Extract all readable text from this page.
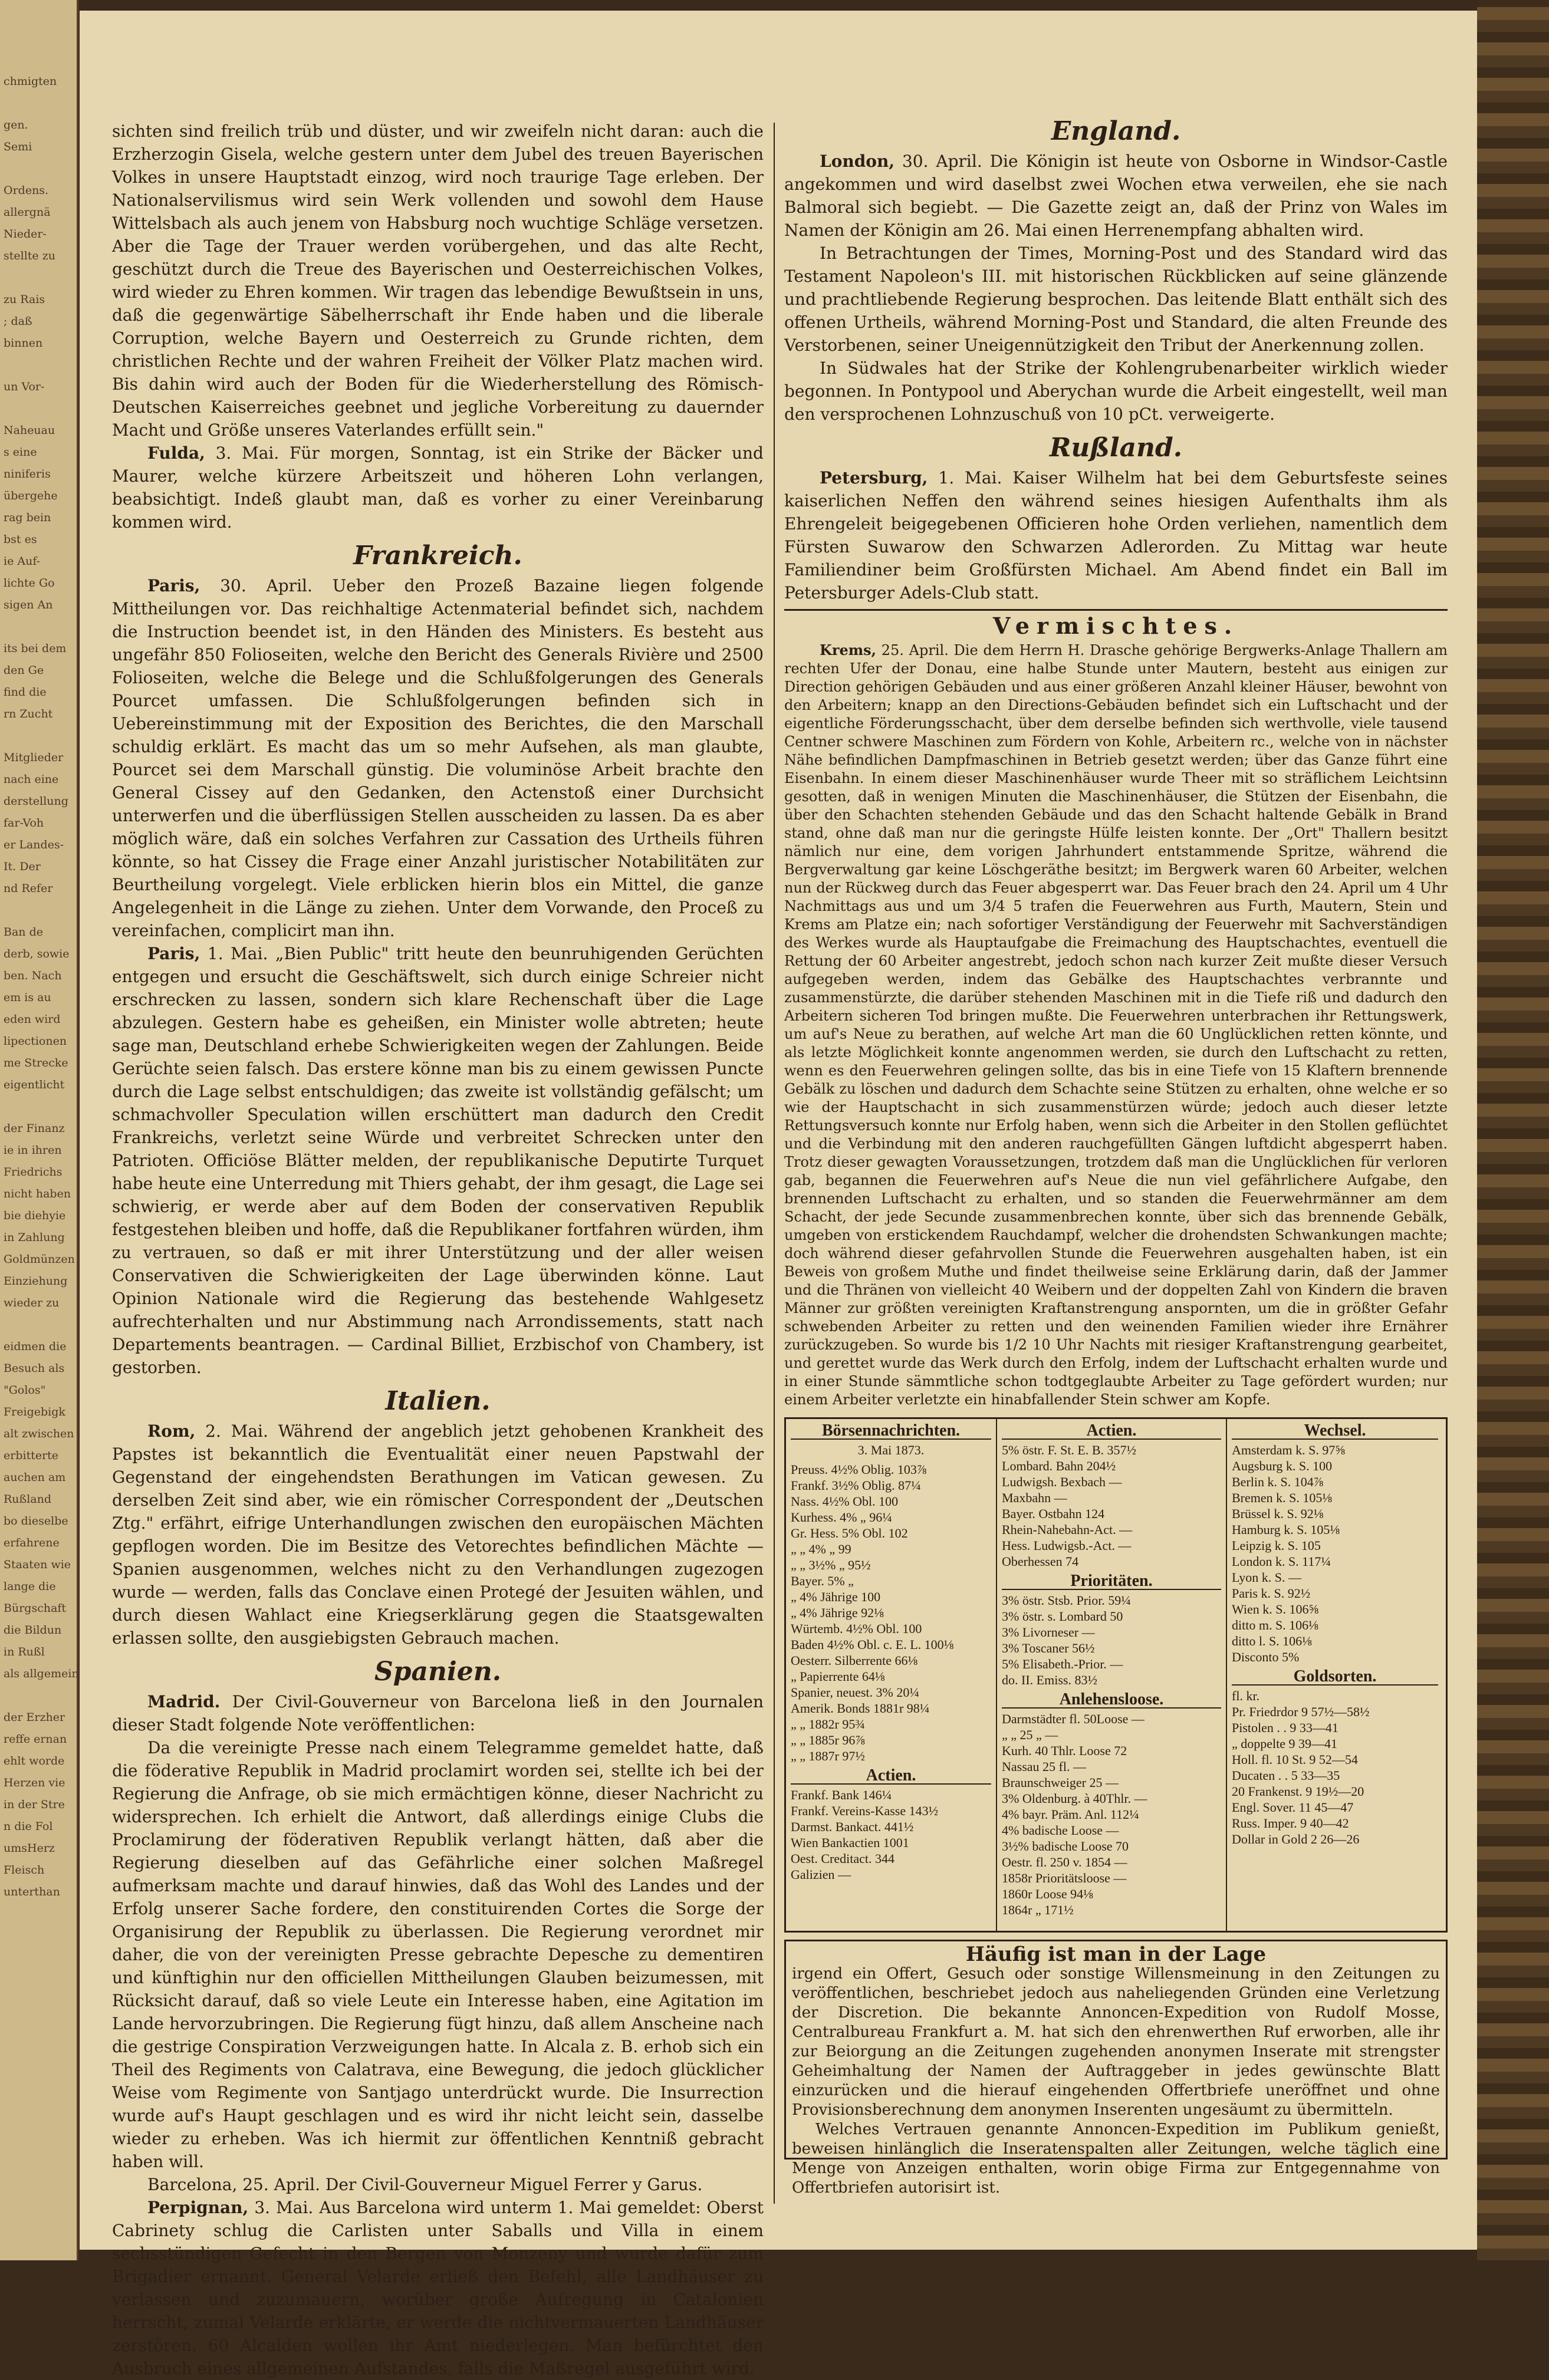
chmigten

gen.
Semi

Ordens.
allergnä
Nieder-
stellte zu

zu Rais
; daß
binnen

un Vor-

Naheuau
s eine
niniferis
übergehe
rag bein
bst es
ie Auf-
lichte Go
sigen An

its bei dem
den Ge
find die
rn Zucht

Mitglieder
nach eine
derstellung
far-Voh
er Landes-
It. Der
nd Refer

Ban de
derb, sowie
ben. Nach
em is au
eden wird
lipectionen
me Strecke
eigentlicht

der Finanz
ie in ihren
Friedrichs
nicht haben
bie diehyie
in Zahlung
Goldmünzen
Einziehung
wieder zu

eidmen die
Besuch als
"Golos"
Freigebigk
alt zwischen
erbitterte
auchen am
Rußland
bo dieselbe
erfahrene
Staaten wie
lange die
Bürgschaft
die Bildun
in Rußl
als allgemein

der Erzher
reffe ernan
ehlt worde
Herzen vie
in der Stre
n die Fol
umsHerz
Fleisch
unterthan

sichten sind freilich trüb und düster, und wir zweifeln nicht daran: auch die Erzherzogin Gisela, welche gestern unter dem Jubel des treuen Bayerischen Volkes in unsere Hauptstadt einzog, wird noch traurige Tage erleben. Der Nationalservilismus wird sein Werk vollenden und sowohl dem Hause Wittelsbach als auch jenem von Habsburg noch wuchtige Schläge versetzen. Aber die Tage der Trauer werden vorübergehen, und das alte Recht, geschützt durch die Treue des Bayerischen und Oesterreichischen Volkes, wird wieder zu Ehren kommen. Wir tragen das lebendige Bewußtsein in uns, daß die gegenwärtige Säbelherrschaft ihr Ende haben und die liberale Corruption, welche Bayern und Oesterreich zu Grunde richten, dem christlichen Rechte und der wahren Freiheit der Völker Platz machen wird. Bis dahin wird auch der Boden für die Wiederherstellung des Römisch-Deutschen Kaiserreiches geebnet und jegliche Vorbereitung zu dauernder Macht und Größe unseres Vaterlandes erfüllt sein."

Fulda, 3. Mai. Für morgen, Sonntag, ist ein Strike der Bäcker und Maurer, welche kürzere Arbeitszeit und höheren Lohn verlangen, beabsichtigt. Indeß glaubt man, daß es vorher zu einer Vereinbarung kommen wird.

Frankreich.

Paris, 30. April. Ueber den Prozeß Bazaine liegen folgende Mittheilungen vor. Das reichhaltige Actenmaterial befindet sich, nachdem die Instruction beendet ist, in den Händen des Ministers. Es besteht aus ungefähr 850 Folioseiten, welche den Bericht des Generals Rivière und 2500 Folioseiten, welche die Belege und die Schlußfolgerungen des Generals Pourcet umfassen. Die Schlußfolgerungen befinden sich in Uebereinstimmung mit der Exposition des Berichtes, die den Marschall schuldig erklärt. Es macht das um so mehr Aufsehen, als man glaubte, Pourcet sei dem Marschall günstig. Die voluminöse Arbeit brachte den General Cissey auf den Gedanken, den Actenstoß einer Durchsicht unterwerfen und die überflüssigen Stellen ausscheiden zu lassen. Da es aber möglich wäre, daß ein solches Verfahren zur Cassation des Urtheils führen könnte, so hat Cissey die Frage einer Anzahl juristischer Notabilitäten zur Beurtheilung vorgelegt. Viele erblicken hierin blos ein Mittel, die ganze Angelegenheit in die Länge zu ziehen. Unter dem Vorwande, den Proceß zu vereinfachen, complicirt man ihn.

Paris, 1. Mai. „Bien Public" tritt heute den beunruhigenden Gerüchten entgegen und ersucht die Geschäftswelt, sich durch einige Schreier nicht erschrecken zu lassen, sondern sich klare Rechenschaft über die Lage abzulegen. Gestern habe es geheißen, ein Minister wolle abtreten; heute sage man, Deutschland erhebe Schwierigkeiten wegen der Zahlungen. Beide Gerüchte seien falsch. Das ersterе könne man bis zu einem gewissen Puncte durch die Lage selbst entschuldigen; das zweite ist vollständig gefälscht; um schmachvoller Speculation willen erschüttert man dadurch den Credit Frankreichs, verletzt seine Würde und verbreitet Schrecken unter den Patrioten. Officiöse Blätter melden, der republikanische Deputirte Turquet habe heute eine Unterredung mit Thiers gehabt, der ihm gesagt, die Lage sei schwierig, er werde aber auf dem Boden der conservativen Republik festgestehen bleiben und hoffe, daß die Republikaner fortfahren würden, ihm zu vertrauen, so daß er mit ihrer Unterstützung und der aller weisen Conservativen die Schwierigkeiten der Lage überwinden könne. Laut Opinion Nationale wird die Regierung das bestehende Wahlgesetz aufrechterhalten und nur Abstimmung nach Arrondissements, statt nach Departements beantragen. — Cardinal Billiet, Erzbischof von Chambery, ist gestorben.

Italien.

Rom, 2. Mai. Während der angeblich jetzt gehobenen Krankheit des Papstes ist bekanntlich die Eventualität einer neuen Papstwahl der Gegenstand der eingehendsten Berathungen im Vatican gewesen. Zu derselben Zeit sind aber, wie ein römischer Correspondent der „Deutschen Ztg." erfährt, eifrige Unterhandlungen zwischen den europäischen Mächten gepflogen worden. Die im Besitze des Vetorechtes befindlichen Mächte — Spanien ausgenommen, welches nicht zu den Verhandlungen zugezogen wurde — werden, falls das Conclave einen Protegé der Jesuiten wählen, und durch diesen Wahlact eine Kriegserklärung gegen die Staatsgewalten erlassen sollte, den ausgiebigsten Gebrauch machen.

Spanien.

Madrid. Der Civil-Gouverneur von Barcelona ließ in den Journalen dieser Stadt folgende Note veröffentlichen:

Da die vereinigte Presse nach einem Telegramme gemeldet hatte, daß die föderative Republik in Madrid proclamirt worden sei, stellte ich bei der Regierung die Anfrage, ob sie mich ermächtigen könne, dieser Nachricht zu widersprechen. Ich erhielt die Antwort, daß allerdings einige Clubs die Proclamirung der föderativen Republik verlangt hätten, daß aber die Regierung dieselben auf das Gefährliche einer solchen Maßregel aufmerksam machte und darauf hinwies, daß das Wohl des Landes und der Erfolg unserer Sache fordere, den constituirenden Cortes die Sorge der Organisirung der Republik zu überlassen. Die Regierung verordnet mir daher, die von der vereinigten Presse gebrachte Depesche zu dementiren und künftighin nur den officiellen Mittheilungen Glauben beizumessen, mit Rücksicht darauf, daß so viele Leute ein Interesse haben, eine Agitation im Lande hervorzubringen. Die Regierung fügt hinzu, daß allem Anscheine nach die gestrige Conspiration Verzweigungen hatte. In Alcala z. B. erhob sich ein Theil des Regiments von Calatrava, eine Bewegung, die jedoch glücklicher Weise vom Regimente von Santjago unterdrückt wurde. Die Insurrection wurde auf's Haupt geschlagen und es wird ihr nicht leicht sein, dasselbe wieder zu erheben. Was ich hiermit zur öffentlichen Kenntniß gebracht haben will.

Barcelona, 25. April. Der Civil-Gouverneur Miguel Ferrer y Garus.

Perpignan, 3. Mai. Aus Barcelona wird unterm 1. Mai gemeldet: Oberst Cabrinety schlug die Carlisten unter Saballs und Villa in einem sechsstündigen Gefecht in den Bergen von Monzeny und wurde dafür zum Brigadier ernannt. General Velarde erließ den Befehl, alle Landhäuser zu verlassen und zuzumauern, worüber große Aufregung in Catalonien herrscht, zumal Velarde erklärte, er werde die nichtvermauerten Landhäuser zerstören. 60 Alcalden wollen ihr Amt niederlegen. Man befürchtet den Ausbruch eines allgemeinen Aufstandes, falls die Maßregel ausgeführt wird.

England.

London, 30. April. Die Königin ist heute von Osborne in Windsor-Castle angekommen und wird daselbst zwei Wochen etwa verweilen, ehe sie nach Balmoral sich begiebt. — Die Gazette zeigt an, daß der Prinz von Wales im Namen der Königin am 26. Mai einen Herrenempfang abhalten wird.

In Betrachtungen der Times, Morning-Post und des Standard wird das Testament Napoleon's III. mit historischen Rückblicken auf seine glänzende und prachtliebende Regierung besprochen. Das leitende Blatt enthält sich des offenen Urtheils, während Morning-Post und Standard, die alten Freunde des Verstorbenen, seiner Uneigennützigkeit den Tribut der Anerkennung zollen.

In Südwales hat der Strike der Kohlengrubenarbeiter wirklich wieder begonnen. In Pontypool und Aberychan wurde die Arbeit eingestellt, weil man den versprochenen Lohnzuschuß von 10 pCt. verweigerte.

Rußland.

Petersburg, 1. Mai. Kaiser Wilhelm hat bei dem Geburtsfeste seines kaiserlichen Neffen den während seines hiesigen Aufenthalts ihm als Ehrengeleit beigegebenen Officieren hohe Orden verliehen, namentlich dem Fürsten Suwarow den Schwarzen Adlerorden. Zu Mittag war heute Familiendiner beim Großfürsten Michael. Am Abend findet ein Ball im Petersburger Adels-Club statt.

Vermischtes.

Krems, 25. April. Die dem Herrn H. Drasche gehörige Bergwerks-Anlage Thallern am rechten Ufer der Donau, eine halbe Stunde unter Mautern, besteht aus einigen zur Direction gehörigen Gebäuden und aus einer größeren Anzahl kleiner Häuser, bewohnt von den Arbeitern; knapp an den Directions-Gebäuden befindet sich ein Luftschacht und der eigentliche Förderungsschacht, über dem derselbe befinden sich werthvolle, viele tausend Centner schwere Maschinen zum Fördern von Kohle, Arbeitern rc., welche von in nächster Nähe befindlichen Dampfmaschinen in Betrieb gesetzt werden; über das Ganze führt eine Eisenbahn. In einem dieser Maschinenhäuser wurde Theer mit so sträflichem Leichtsinn gesotten, daß in wenigen Minuten die Maschinenhäuser, die Stützen der Eisenbahn, die über den Schachten stehenden Gebäude und das den Schacht haltende Gebälk in Brand stand, ohne daß man nur die geringste Hülfe leisten konnte. Der „Ort" Thallern besitzt nämlich nur eine, dem vorigen Jahrhundert entstammende Spritze, während die Bergverwaltung gar keine Löschgeräthe besitzt; im Bergwerk waren 60 Arbeiter, welchen nun der Rückweg durch das Feuer abgesperrt war. Das Feuer brach den 24. April um 4 Uhr Nachmittags aus und um 3/4 5 trafen die Feuerwehren aus Furth, Mautern, Stein und Krems am Platze ein; nach sofortiger Verständigung der Feuerwehr mit Sachverständigen des Werkes wurde als Hauptaufgabe die Freimachung des Hauptschachtes, eventuell die Rettung der 60 Arbeiter angestrebt, jedoch schon nach kurzer Zeit mußte dieser Versuch aufgegeben werden, indem das Gebälke des Hauptschachtes verbrannte und zusammenstürzte, die darüber stehenden Maschinen mit in die Tiefe riß und dadurch den Arbeitern sicheren Tod bringen mußte. Die Feuerwehren unterbrachen ihr Rettungswerk, um auf's Neue zu berathen, auf welche Art man die 60 Unglücklichen retten könnte, und als letzte Möglichkeit konnte angenommen werden, sie durch den Luftschacht zu retten, wenn es den Feuerwehren gelingen sollte, das bis in eine Tiefe von 15 Klaftern brennende Gebälk zu löschen und dadurch dem Schachte seine Stützen zu erhalten, ohne welche er so wie der Hauptschacht in sich zusammenstürzen würde; jedoch auch dieser letzte Rettungsversuch konnte nur Erfolg haben, wenn sich die Arbeiter in den Stollen geflüchtet und die Verbindung mit den anderen rauchgefüllten Gängen luftdicht abgesperrt haben. Trotz dieser gewagten Voraussetzungen, trotzdem daß man die Unglücklichen für verloren gab, begannen die Feuerwehren auf's Neue die nun viel gefährlichere Aufgabe, den brennenden Luftschacht zu erhalten, und so standen die Feuerwehrmänner am dem Schacht, der jede Secunde zusammenbrechen konnte, über sich das brennende Gebälk, umgeben von erstickendem Rauchdampf, welcher die drohendsten Schwankungen machte; doch während dieser gefahrvollen Stunde die Feuerwehren ausgehalten haben, ist ein Beweis von großem Muthe und findet theilweise seine Erklärung darin, daß der Jammer und die Thränen von vielleicht 40 Weibern und der doppelten Zahl von Kindern die braven Männer zur größten vereinigten Kraftanstrengung anspornten, um die in größter Gefahr schwebenden Arbeiter zu retten und den weinenden Familien wieder ihre Ernährer zurückzugeben. So wurde bis 1/2 10 Uhr Nachts mit riesiger Kraftanstrengung gearbeitet, und gerettet wurde das Werk durch den Erfolg, indem der Luftschacht erhalten wurde und in einer Stunde sämmtliche schon todtgeglaubte Arbeiter zu Tage gefördert wurden; nur einem Arbeiter verletzte ein hinabfallender Stein schwer am Kopfe.

Börsennachrichten.
3. Mai 1873.
Preuss. 4½% Oblig. 103⅞
Frankf. 3½% Oblig. 87¼
Nass. 4½% Obl. 100
Kurhess. 4% „ 96¼
Gr. Hess. 5% Obl. 102
„ „ 4% „ 99
„ „ 3½% „ 95½
Bayer. 5% „
„ 4% Jährige 100
„ 4% Jährige 92⅛
Würtemb. 4½% Obl. 100
Baden 4½% Obl. c. E. L. 100⅛
Oesterr. Silberrente 66⅛
„ Papierrente 64⅛
Spanier, neuest. 3% 20¼
Amerik. Bonds 1881r 98¼
„ „ 1882r 95¾
„ „ 1885r 96⅞
„ „ 1887r 97½
Actien.
Frankf. Bank 146¼
Frankf. Vereins-Kasse 143½
Darmst. Bankact. 441½
Wien Bankactien 1001
Oest. Creditact. 344
Galizien —
Actien.
5% östr. F. St. E. B. 357½
Lombard. Bahn 204½
Ludwigsh. Bexbach —
Maxbahn —
Bayer. Ostbahn 124
Rhein-Nahebahn-Act. —
Hess. Ludwigsb.-Act. —
Oberhessen 74
Prioritäten.
3% östr. Stsb. Prior. 59¼
3% östr. s. Lombard 50
3% Livorneser —
3% Toscaner 56½
5% Elisabeth.-Prior. —
do. II. Emiss. 83½
Anlehensloose.
Darmstädter fl. 50Loose —
„ „ 25 „ —
Kurh. 40 Thlr. Loose 72
Nassau 25 fl. —
Braunschweiger 25 —
3% Oldenburg. à 40Thlr. —
4% bayr. Präm. Anl. 112¼
4% badische Loose —
3½% badische Loose 70
Oestr. fl. 250 v. 1854 —
1858r Prioritätsloose —
1860r Loose 94⅛
1864r „ 171½
Wechsel.
Amsterdam k. S. 97⅝
Augsburg k. S. 100
Berlin k. S. 104⅞
Bremen k. S. 105⅛
Brüssel k. S. 92⅛
Hamburg k. S. 105⅛
Leipzig k. S. 105
London k. S. 117¼
Lyon k. S. —
Paris k. S. 92½
Wien k. S. 106⅝
ditto m. S. 106⅛
ditto l. S. 106⅛
Disconto 5%
Goldsorten.
fl. kr.
Pr. Friedrdor 9 57½—58½
Pistolen . . 9 33—41
„ doppelte 9 39—41
Holl. fl. 10 St. 9 52—54
Ducaten . . 5 33—35
20 Frankenst. 9 19½—20
Engl. Sover. 11 45—47
Russ. Imper. 9 40—42
Dollar in Gold 2 26—26
Häufig ist man in der Lage
irgend ein Offert, Gesuch oder sonstige Willensmeinung in den Zeitungen zu veröffentlichen, beschriebet jedoch aus naheliegenden Gründen eine Verletzung der Discretion. Die bekannte Annoncen-Expedition von Rudolf Mosse, Centralbureau Frankfurt a. M. hat sich den ehrenwerthen Ruf erworben, alle ihr zur Beiorgung an die Zeitungen zugehenden anonymen Inserate mit strengster Geheimhaltung der Namen der Auftraggeber in jedes gewünschte Blatt einzurücken und die hierauf eingehenden Offertbriefe uneröffnet und ohne Provisionsberechnung dem anonymen Inserenten ungesäumt zu übermitteln.
Welches Vertrauen genannte Annoncen-Expedition im Publikum genießt, beweisen hinlänglich die Inseratenspalten aller Zeitungen, welche täglich eine Menge von Anzeigen enthalten, worin obige Firma zur Entgegennahme von Offertbriefen autorisirt ist.
